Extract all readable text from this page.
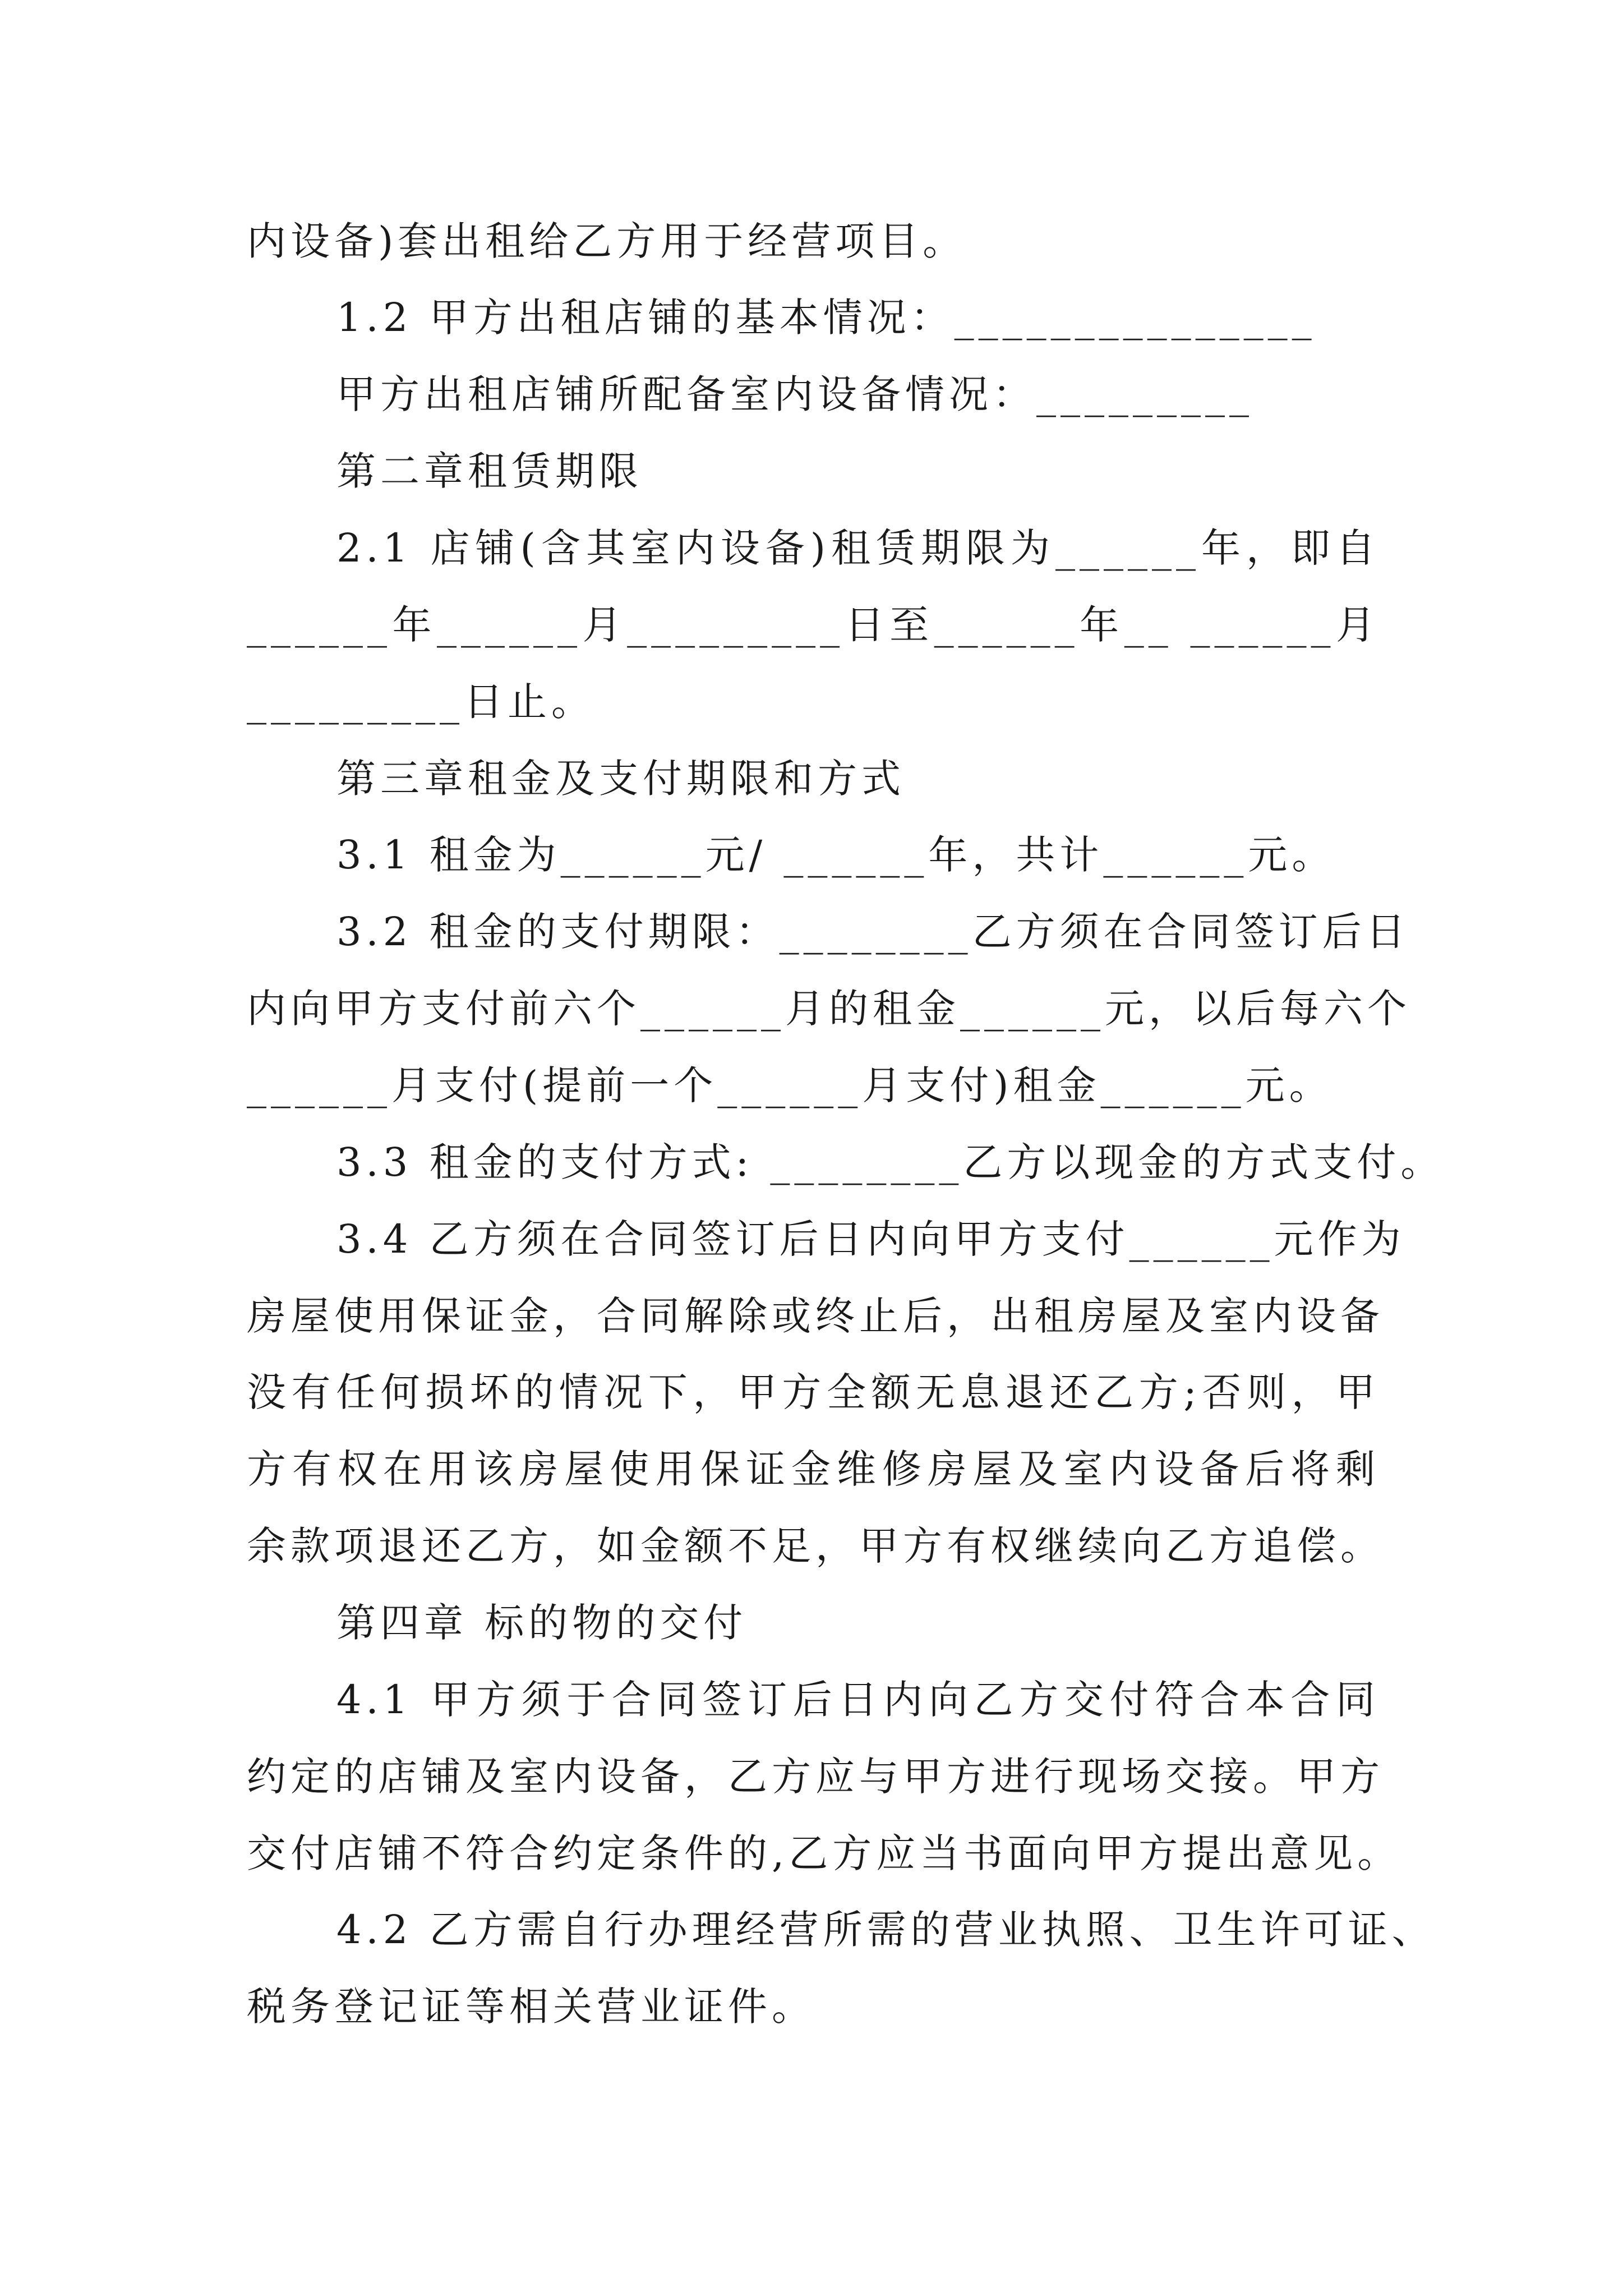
内设备)套出租给乙方用于经营项目。
1.2 甲方出租店铺的基本情况：_______________
甲方出租店铺所配备室内设备情况：_________
第二章租赁期限
2.1 店铺(含其室内设备)租赁期限为______年，即自
______年______月_________日至______年__ ______月
_________日止。
第三章租金及支付期限和方式
3.1 租金为______元/ ______年，共计______元。
3.2 租金的支付期限：________乙方须在合同签订后日
内向甲方支付前六个______月的租金______元，以后每六个
______月支付(提前一个______月支付)租金______元。
3.3 租金的支付方式: ________乙方以现金的方式支付。
3.4 乙方须在合同签订后日内向甲方支付______元作为
房屋使用保证金，合同解除或终止后，出租房屋及室内设备
没有任何损坏的情况下，甲方全额无息退还乙方;否则，甲
方有权在用该房屋使用保证金维修房屋及室内设备后将剩
余款项退还乙方，如金额不足，甲方有权继续向乙方追偿。
第四章 标的物的交付
4.1 甲方须于合同签订后日内向乙方交付符合本合同
约定的店铺及室内设备，乙方应与甲方进行现场交接。甲方
交付店铺不符合约定条件的,乙方应当书面向甲方提出意见。
4.2 乙方需自行办理经营所需的营业执照、卫生许可证、
税务登记证等相关营业证件。
